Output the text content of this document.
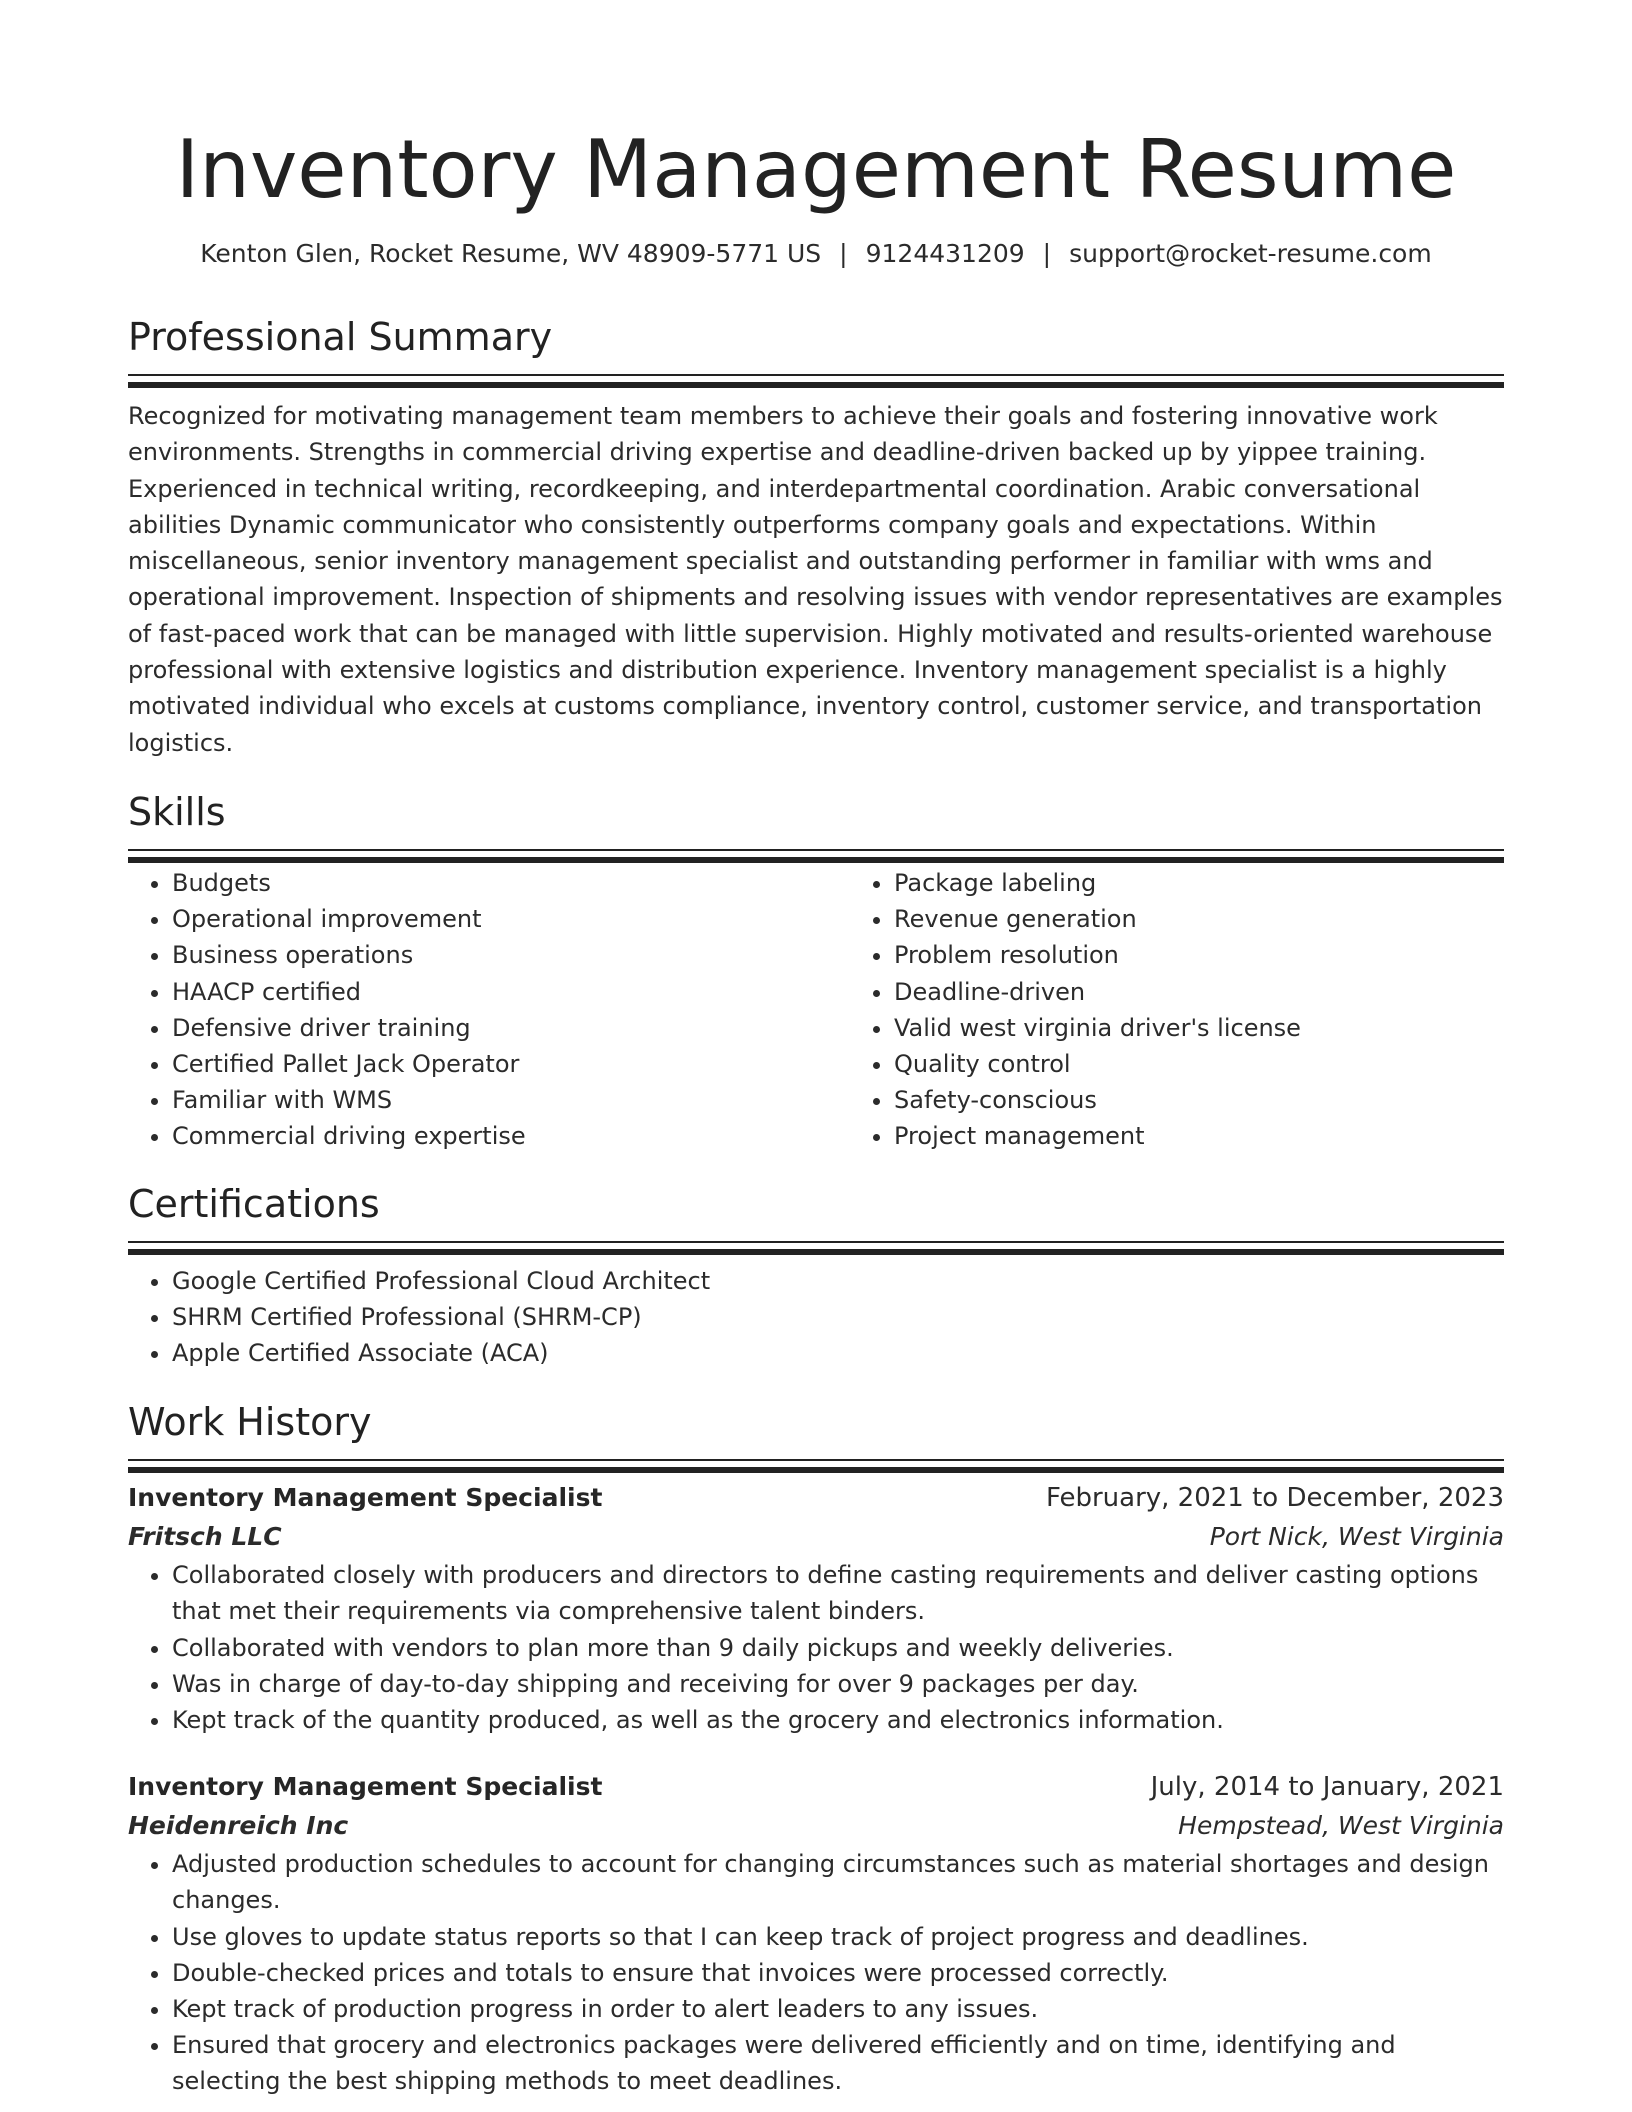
Inventory Management Resume
Kenton Glen, Rocket Resume, WV 48909-5771 US | 9124431209 | support@rocket-resume.com
Professional Summary

Recognized for motivating management team members to achieve their goals and fostering innovative work environments. Strengths in commercial driving expertise and deadline-driven backed up by yippee training. Experienced in technical writing, recordkeeping, and interdepartmental coordination. Arabic conversational abilities Dynamic communicator who consistently outperforms company goals and expectations. Within miscellaneous, senior inventory management specialist and outstanding performer in familiar with wms and operational improvement. Inspection of shipments and resolving issues with vendor representatives are examples of fast-paced work that can be managed with little supervision. Highly motivated and results-oriented warehouse professional with extensive logistics and distribution experience. Inventory management specialist is a highly motivated individual who excels at customs compliance, inventory control, customer service, and transportation logistics.

Skills
• Budgets
• Operational improvement
• Business operations
• HAACP certified
• Defensive driver training
• Certified Pallet Jack Operator
• Familiar with WMS
• Commercial driving expertise
• Package labeling
• Revenue generation
• Problem resolution
• Deadline-driven
• Valid west virginia driver's license
• Quality control
• Safety-conscious
• Project management
Certifications
• Google Certified Professional Cloud Architect
• SHRM Certified Professional (SHRM-CP)
• Apple Certified Associate (ACA)
Work History
Inventory Management Specialist	February, 2021 to December, 2023
Fritsch LLC	Port Nick, West Virginia
• Collaborated closely with producers and directors to define casting requirements and deliver casting options that met their requirements via comprehensive talent binders.
• Collaborated with vendors to plan more than 9 daily pickups and weekly deliveries.
• Was in charge of day-to-day shipping and receiving for over 9 packages per day.
• Kept track of the quantity produced, as well as the grocery and electronics information.
Inventory Management Specialist	July, 2014 to January, 2021
Heidenreich Inc	Hempstead, West Virginia
• Adjusted production schedules to account for changing circumstances such as material shortages and design changes.
• Use gloves to update status reports so that I can keep track of project progress and deadlines.
• Double-checked prices and totals to ensure that invoices were processed correctly.
• Kept track of production progress in order to alert leaders to any issues.
• Ensured that grocery and electronics packages were delivered efficiently and on time, identifying and selecting the best shipping methods to meet deadlines.
